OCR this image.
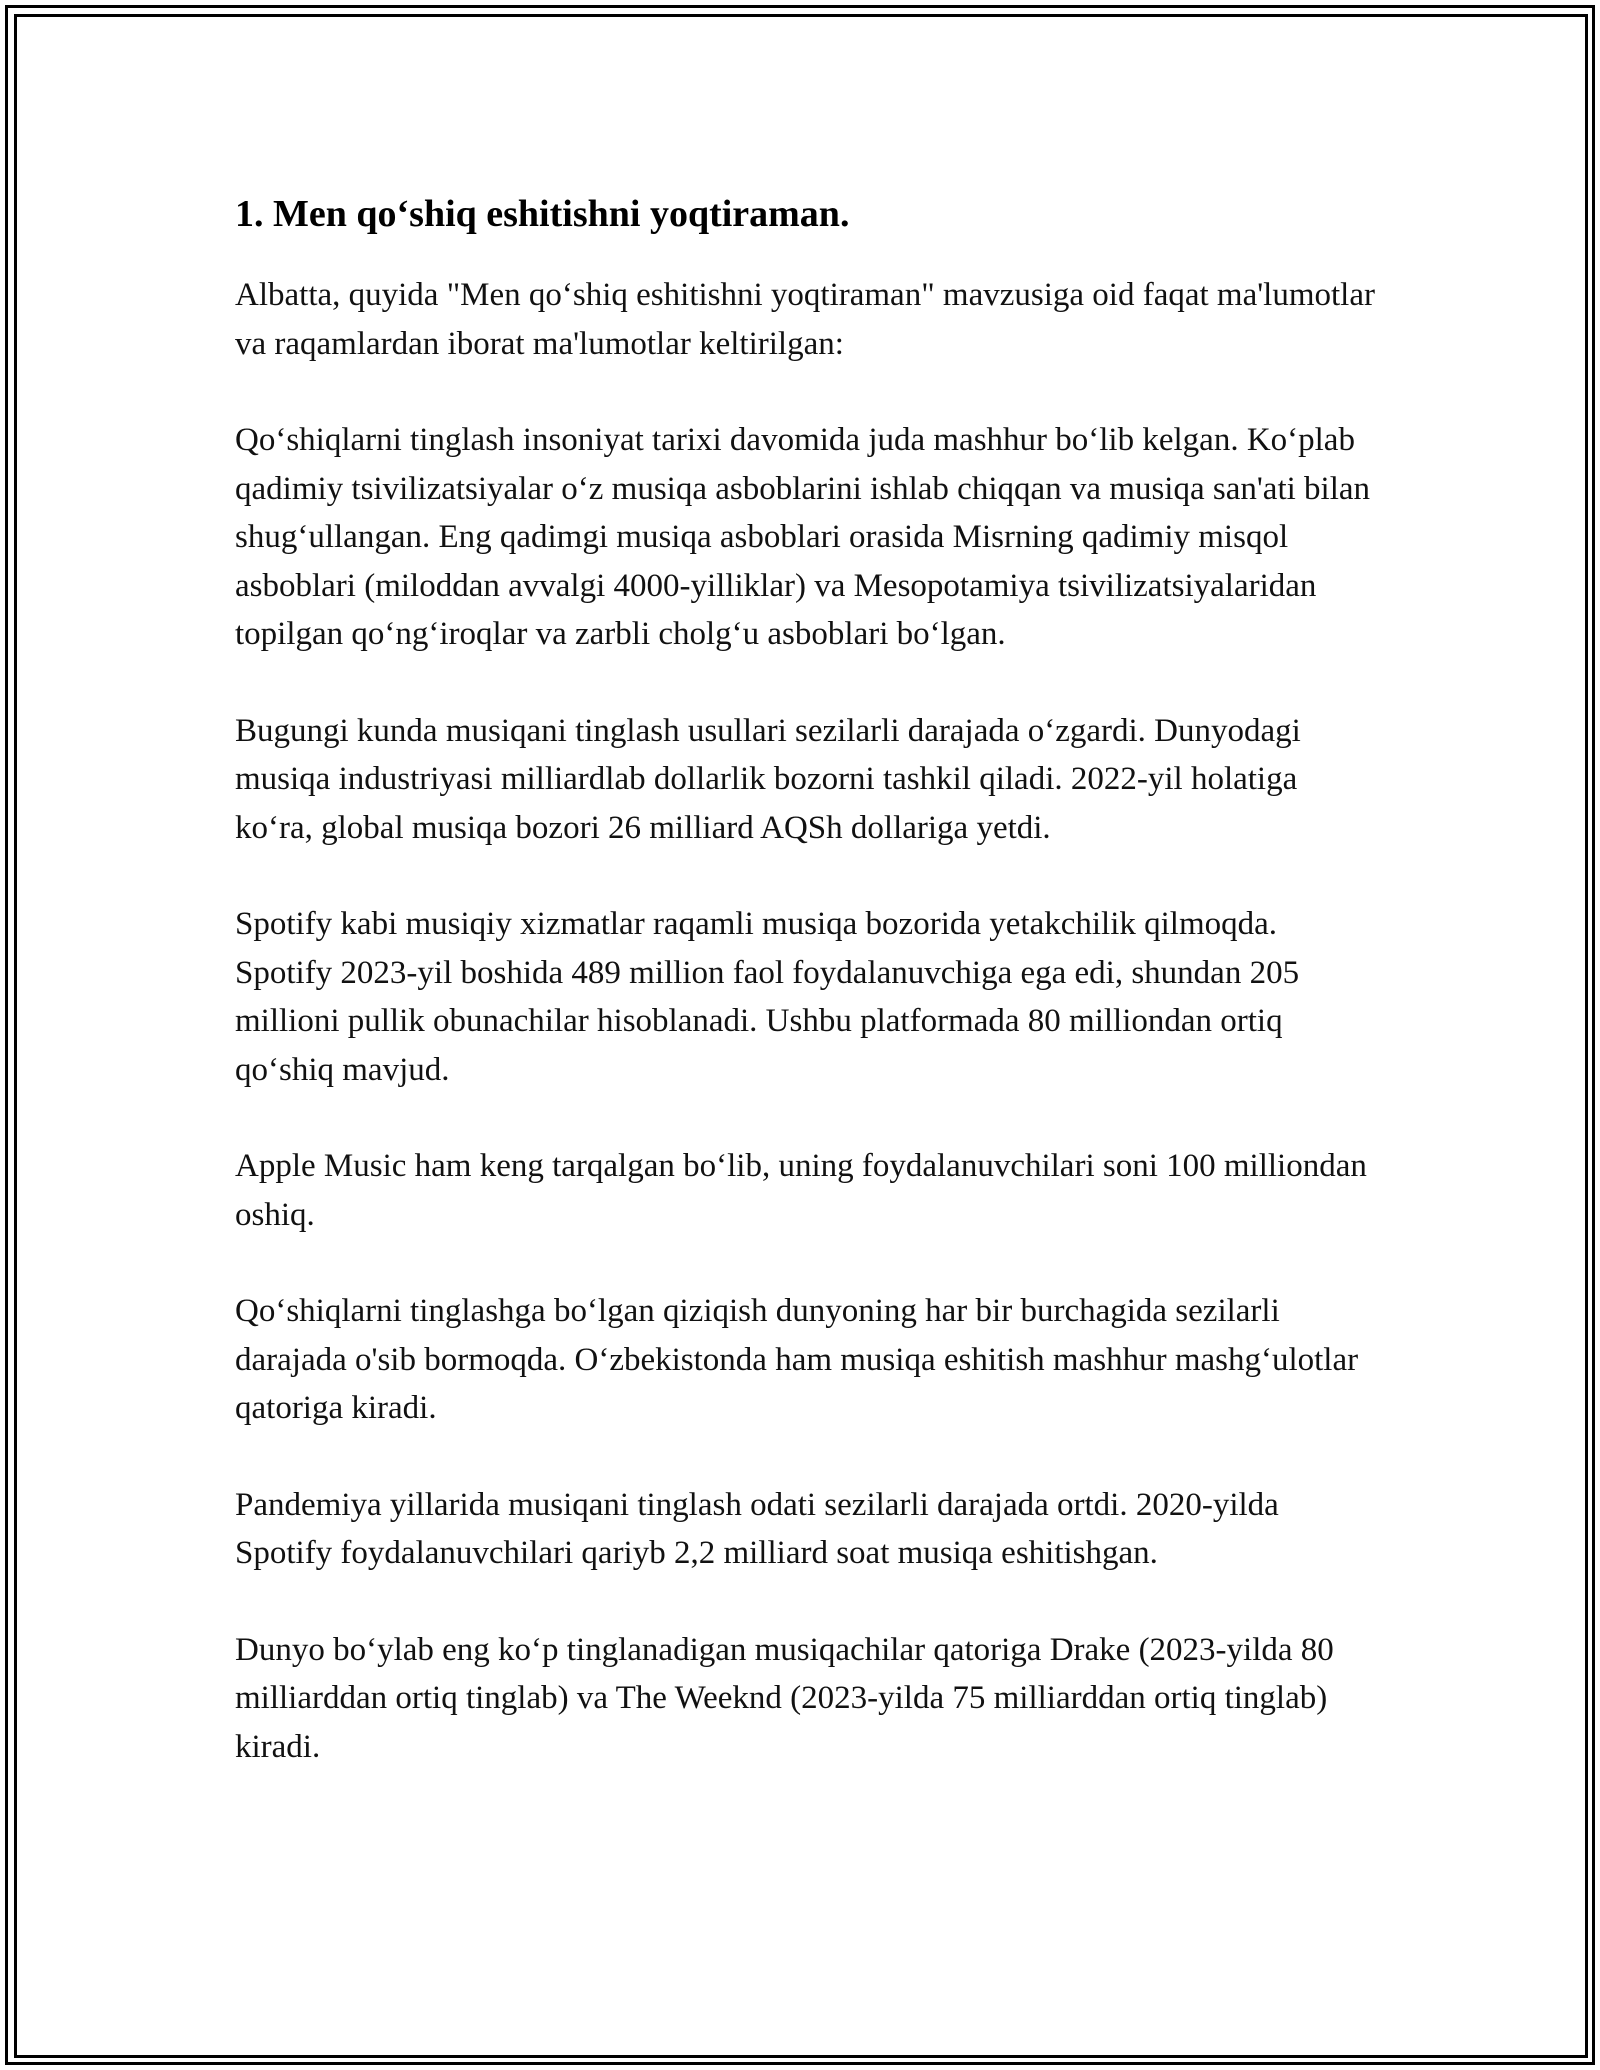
1. Men qo‘shiq eshitishni yoqtiraman.

Albatta, quyida "Men qo‘shiq eshitishni yoqtiraman" mavzusiga oid faqat ma'lumotlar va raqamlardan iborat ma'lumotlar keltirilgan:

Qo‘shiqlarni tinglash insoniyat tarixi davomida juda mashhur bo‘lib kelgan. Ko‘plab qadimiy tsivilizatsiyalar o‘z musiqa asboblarini ishlab chiqqan va musiqa san'ati bilan shug‘ullangan. Eng qadimgi musiqa asboblari orasida Misrning qadimiy misqol asboblari (miloddan avvalgi 4000-yilliklar) va Mesopotamiya tsivilizatsiyalaridan topilgan qo‘ng‘iroqlar va zarbli cholg‘u asboblari bo‘lgan.

Bugungi kunda musiqani tinglash usullari sezilarli darajada o‘zgardi. Dunyodagi musiqa industriyasi milliardlab dollarlik bozorni tashkil qiladi. 2022-yil holatiga ko‘ra, global musiqa bozori 26 milliard AQSh dollariga yetdi.

Spotify kabi musiqiy xizmatlar raqamli musiqa bozorida yetakchilik qilmoqda. Spotify 2023-yil boshida 489 million faol foydalanuvchiga ega edi, shundan 205 millioni pullik obunachilar hisoblanadi. Ushbu platformada 80 milliondan ortiq qo‘shiq mavjud.

Apple Music ham keng tarqalgan bo‘lib, uning foydalanuvchilari soni 100 milliondan oshiq.

Qo‘shiqlarni tinglashga bo‘lgan qiziqish dunyoning har bir burchagida sezilarli darajada o'sib bormoqda. O‘zbekistonda ham musiqa eshitish mashhur mashg‘ulotlar qatoriga kiradi.

Pandemiya yillarida musiqani tinglash odati sezilarli darajada ortdi. 2020-yilda Spotify foydalanuvchilari qariyb 2,2 milliard soat musiqa eshitishgan.

Dunyo bo‘ylab eng ko‘p tinglanadigan musiqachilar qatoriga Drake (2023-yilda 80 milliarddan ortiq tinglab) va The Weeknd (2023-yilda 75 milliarddan ortiq tinglab) kiradi.
